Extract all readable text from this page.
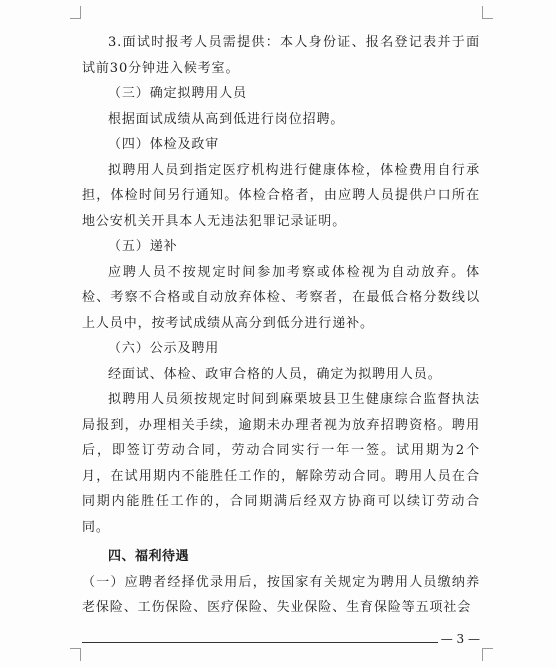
3.面试时报考人员需提供：本人身份证、报名登记表并于面试前30分钟进入候考室。

（三）确定拟聘用人员

根据面试成绩从高到低进行岗位招聘。

（四）体检及政审

拟聘用人员到指定医疗机构进行健康体检，体检费用自行承担，体检时间另行通知。体检合格者，由应聘人员提供户口所在地公安机关开具本人无违法犯罪记录证明。

（五）递补

应聘人员不按规定时间参加考察或体检视为自动放弃。体检、考察不合格或自动放弃体检、考察者，在最低合格分数线以上人员中，按考试成绩从高分到低分进行递补。

（六）公示及聘用

经面试、体检、政审合格的人员，确定为拟聘用人员。

拟聘用人员须按规定时间到麻栗坡县卫生健康综合监督执法局报到，办理相关手续，逾期未办理者视为放弃招聘资格。聘用后，即签订劳动合同，劳动合同实行一年一签。试用期为2个月，在试用期内不能胜任工作的，解除劳动合同。聘用人员在合同期内能胜任工作的，合同期满后经双方协商可以续订劳动合同。

四、福利待遇

（一）应聘者经择优录用后，按国家有关规定为聘用人员缴纳养老保险、工伤保险、医疗保险、失业保险、生育保险等五项社会

— 3 —
